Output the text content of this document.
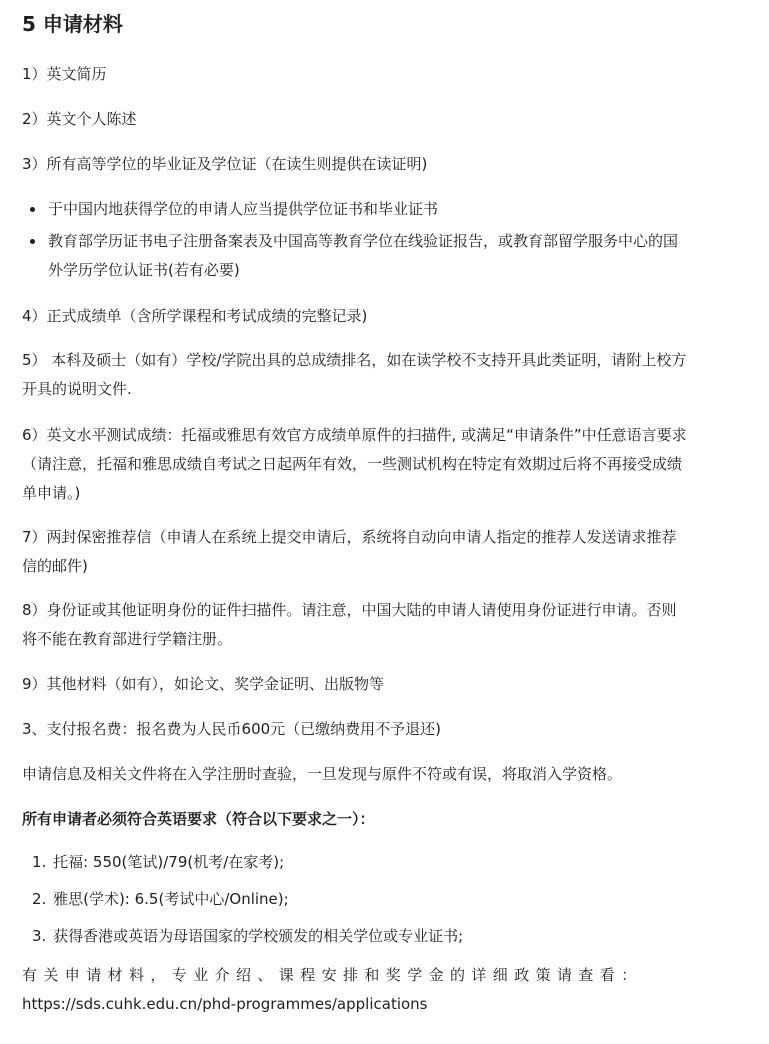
5 申请材料

1）英文简历

2）英文个人陈述

3）所有高等学位的毕业证及学位证（在读生则提供在读证明)

于中国内地获得学位的申请人应当提供学位证书和毕业证书
教育部学历证书电子注册备案表及中国高等教育学位在线验证报告，或教育部留学服务中心的国外学历学位认证书(若有必要)

4）正式成绩单（含所学课程和考试成绩的完整记录)

5） 本科及硕士（如有）学校/学院出具的总成绩排名，如在读学校不支持开具此类证明，请附上校方开具的说明文件.

6）英文水平测试成绩：托福或雅思有效官方成绩单原件的扫描件, 或满足“申请条件”中任意语言要求（请注意，托福和雅思成绩自考试之日起两年有效，一些测试机构在特定有效期过后将不再接受成绩单申请。)

7）两封保密推荐信（申请人在系统上提交申请后，系统将自动向申请人指定的推荐人发送请求推荐信的邮件)

8）身份证或其他证明身份的证件扫描件。请注意，中国大陆的申请人请使用身份证进行申请。否则将不能在教育部进行学籍注册。

9）其他材料（如有），如论文、奖学金证明、出版物等

3、支付报名费：报名费为人民币600元（已缴纳费用不予退还)

申请信息及相关文件将在入学注册时查验，一旦发现与原件不符或有误，将取消入学资格。

所有申请者必须符合英语要求（符合以下要求之一）：

1. 托福: 550(笔试)/79(机考/在家考);
2. 雅思(学术): 6.5(考试中心/Online);
3. 获得香港或英语为母语国家的学校颁发的相关学位或专业证书;
有关申请材料，专业介绍、课程安排和奖学金的详细政策请查看：
https://sds.cuhk.edu.cn/phd-programmes/applications
